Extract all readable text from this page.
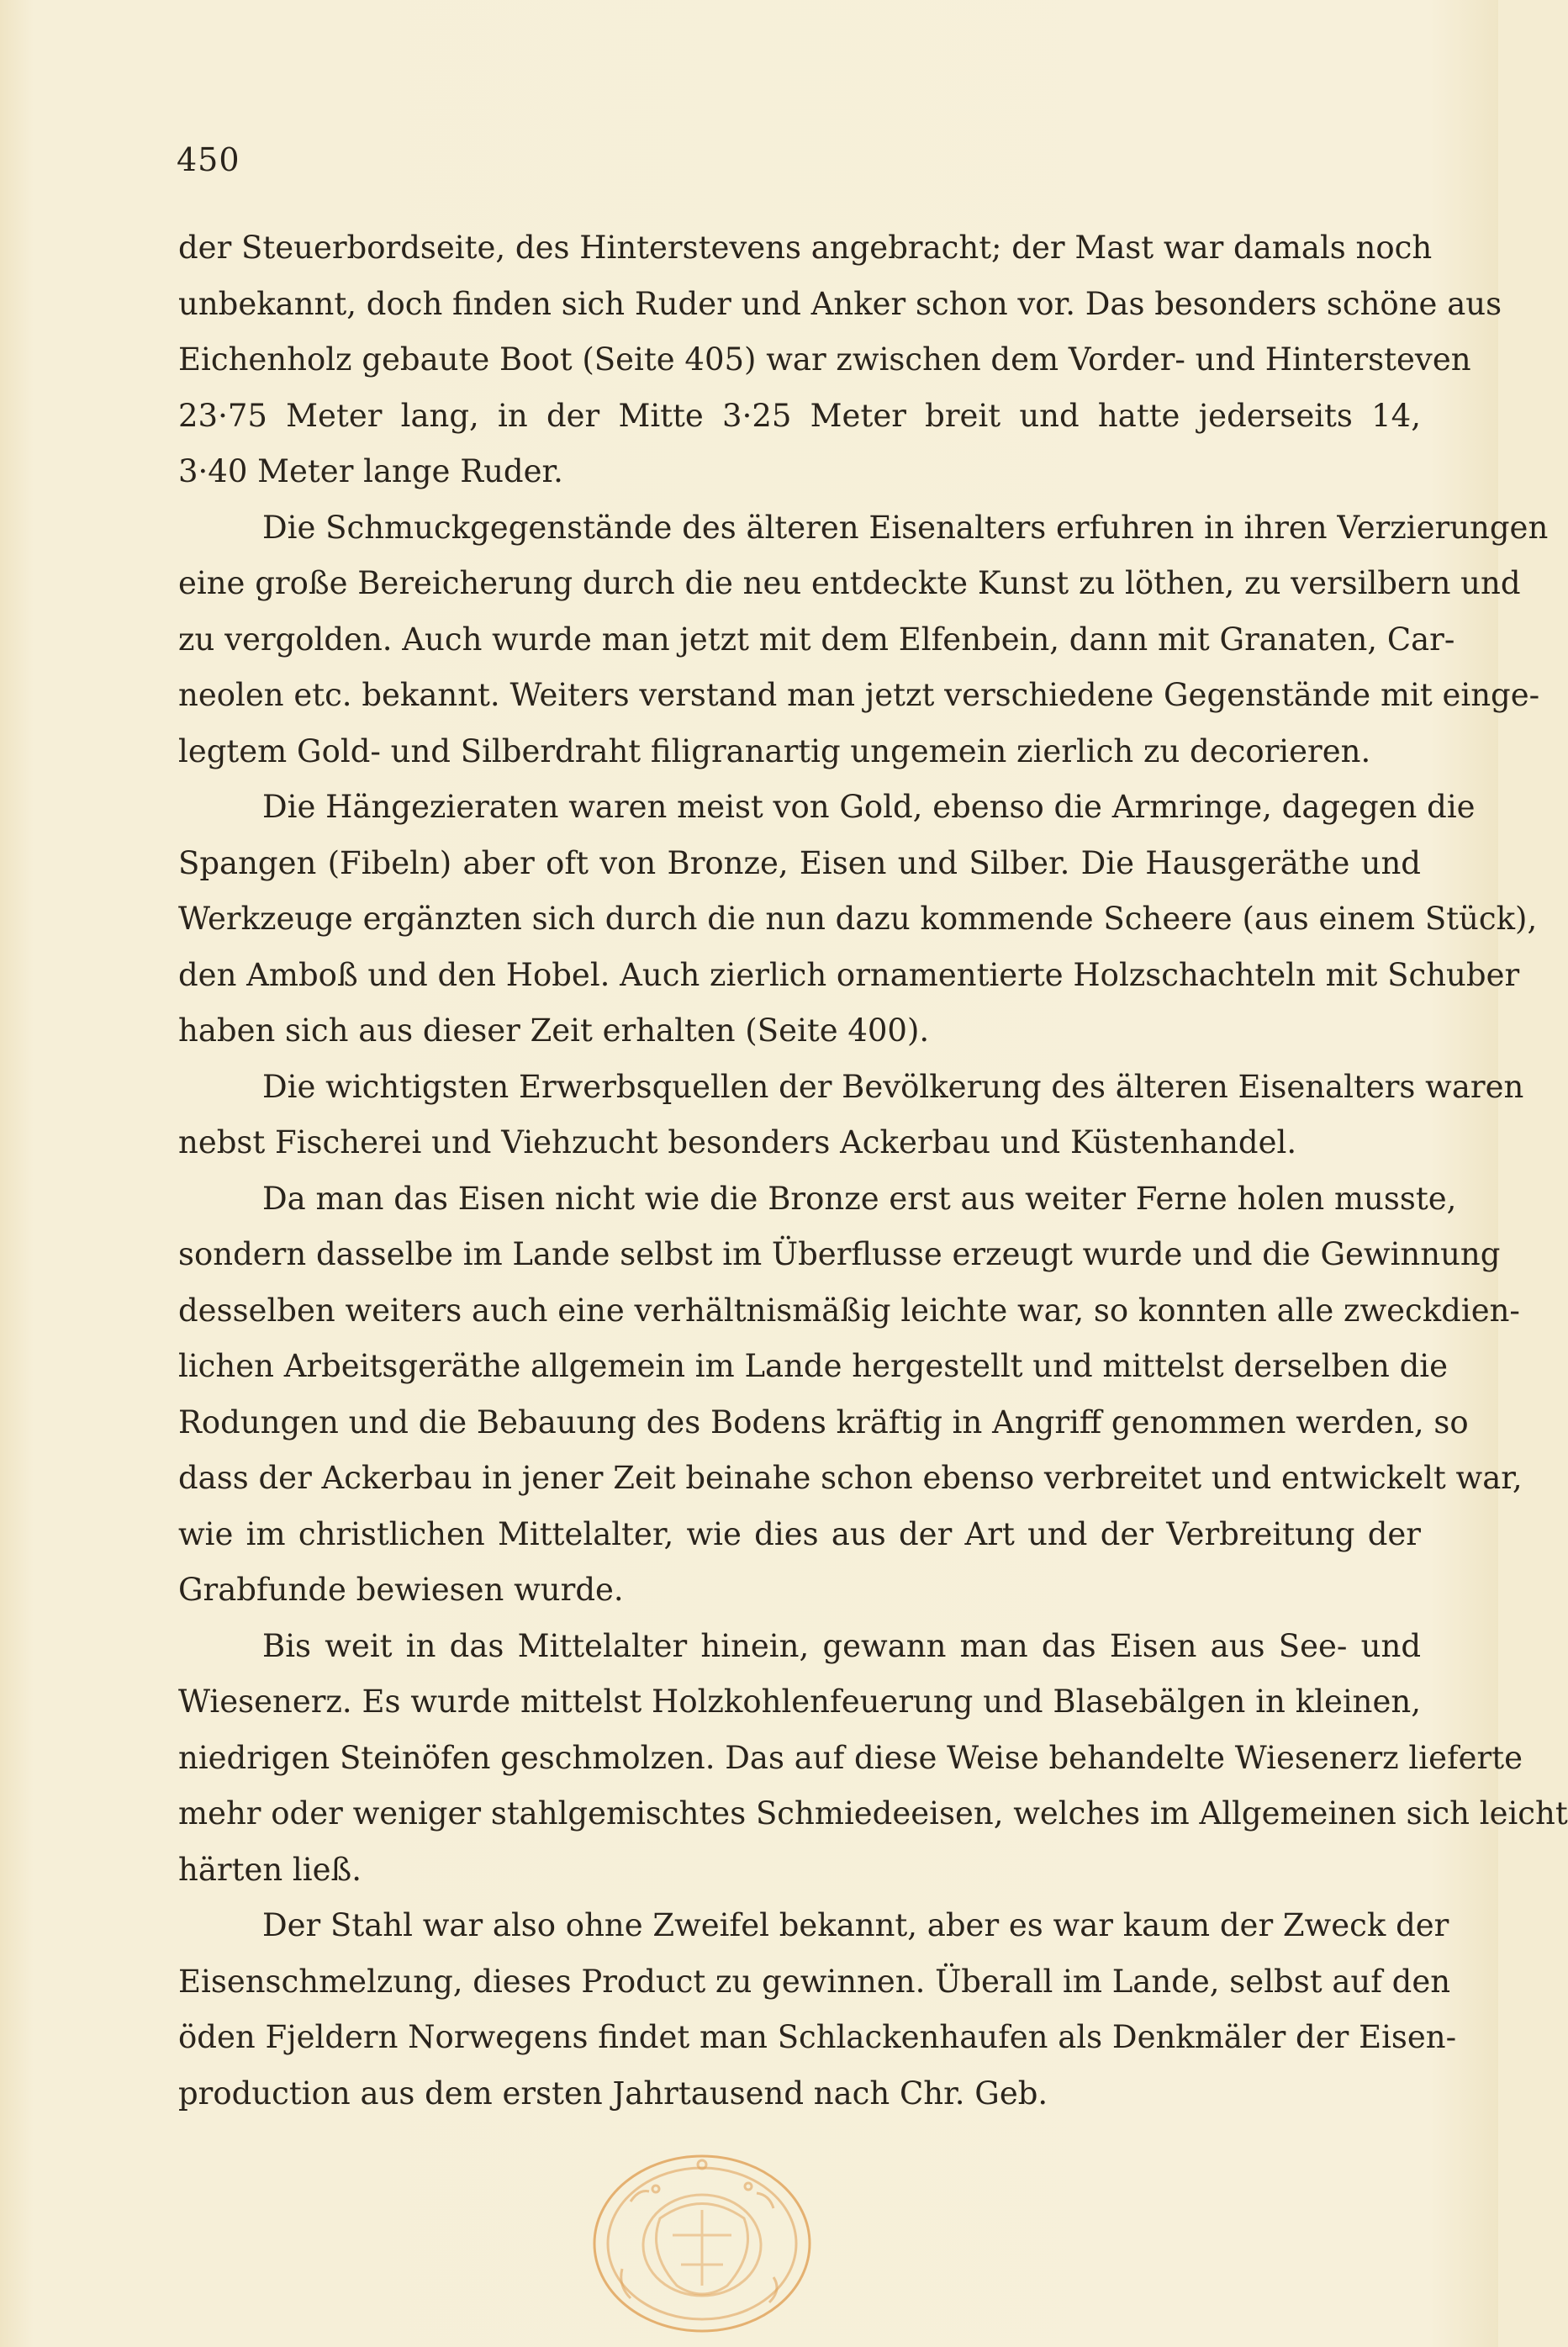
450
der Steuerbordseite, des Hinterstevens angebracht; der Mast war damals noch
unbekannt, doch finden sich Ruder und Anker schon vor. Das besonders schöne aus
Eichenholz gebaute Boot (Seite 405) war zwischen dem Vorder- und Hintersteven
23·75 Meter lang, in der Mitte 3·25 Meter breit und hatte jederseits 14,
3·40 Meter lange Ruder.
Die Schmuckgegenstände des älteren Eisenalters erfuhren in ihren Verzierungen
eine große Bereicherung durch die neu entdeckte Kunst zu löthen, zu versilbern und
zu vergolden. Auch wurde man jetzt mit dem Elfenbein, dann mit Granaten, Car-
neolen etc. bekannt. Weiters verstand man jetzt verschiedene Gegenstände mit einge-
legtem Gold- und Silberdraht filigranartig ungemein zierlich zu decorieren.
Die Hängezieraten waren meist von Gold, ebenso die Armringe, dagegen die
Spangen (Fibeln) aber oft von Bronze, Eisen und Silber. Die Hausgeräthe und
Werkzeuge ergänzten sich durch die nun dazu kommende Scheere (aus einem Stück),
den Amboß und den Hobel. Auch zierlich ornamentierte Holzschachteln mit Schuber
haben sich aus dieser Zeit erhalten (Seite 400).
Die wichtigsten Erwerbsquellen der Bevölkerung des älteren Eisenalters waren
nebst Fischerei und Viehzucht besonders Ackerbau und Küstenhandel.
Da man das Eisen nicht wie die Bronze erst aus weiter Ferne holen musste,
sondern dasselbe im Lande selbst im Überflusse erzeugt wurde und die Gewinnung
desselben weiters auch eine verhältnismäßig leichte war, so konnten alle zweckdien-
lichen Arbeitsgeräthe allgemein im Lande hergestellt und mittelst derselben die
Rodungen und die Bebauung des Bodens kräftig in Angriff genommen werden, so
dass der Ackerbau in jener Zeit beinahe schon ebenso verbreitet und entwickelt war,
wie im christlichen Mittelalter, wie dies aus der Art und der Verbreitung der
Grabfunde bewiesen wurde.
Bis weit in das Mittelalter hinein, gewann man das Eisen aus See- und
Wiesenerz. Es wurde mittelst Holzkohlenfeuerung und Blasebälgen in kleinen,
niedrigen Steinöfen geschmolzen. Das auf diese Weise behandelte Wiesenerz lieferte
mehr oder weniger stahlgemischtes Schmiedeeisen, welches im Allgemeinen sich leicht
härten ließ.
Der Stahl war also ohne Zweifel bekannt, aber es war kaum der Zweck der
Eisenschmelzung, dieses Product zu gewinnen. Überall im Lande, selbst auf den
öden Fjeldern Norwegens findet man Schlackenhaufen als Denkmäler der Eisen-
production aus dem ersten Jahrtausend nach Chr. Geb.
